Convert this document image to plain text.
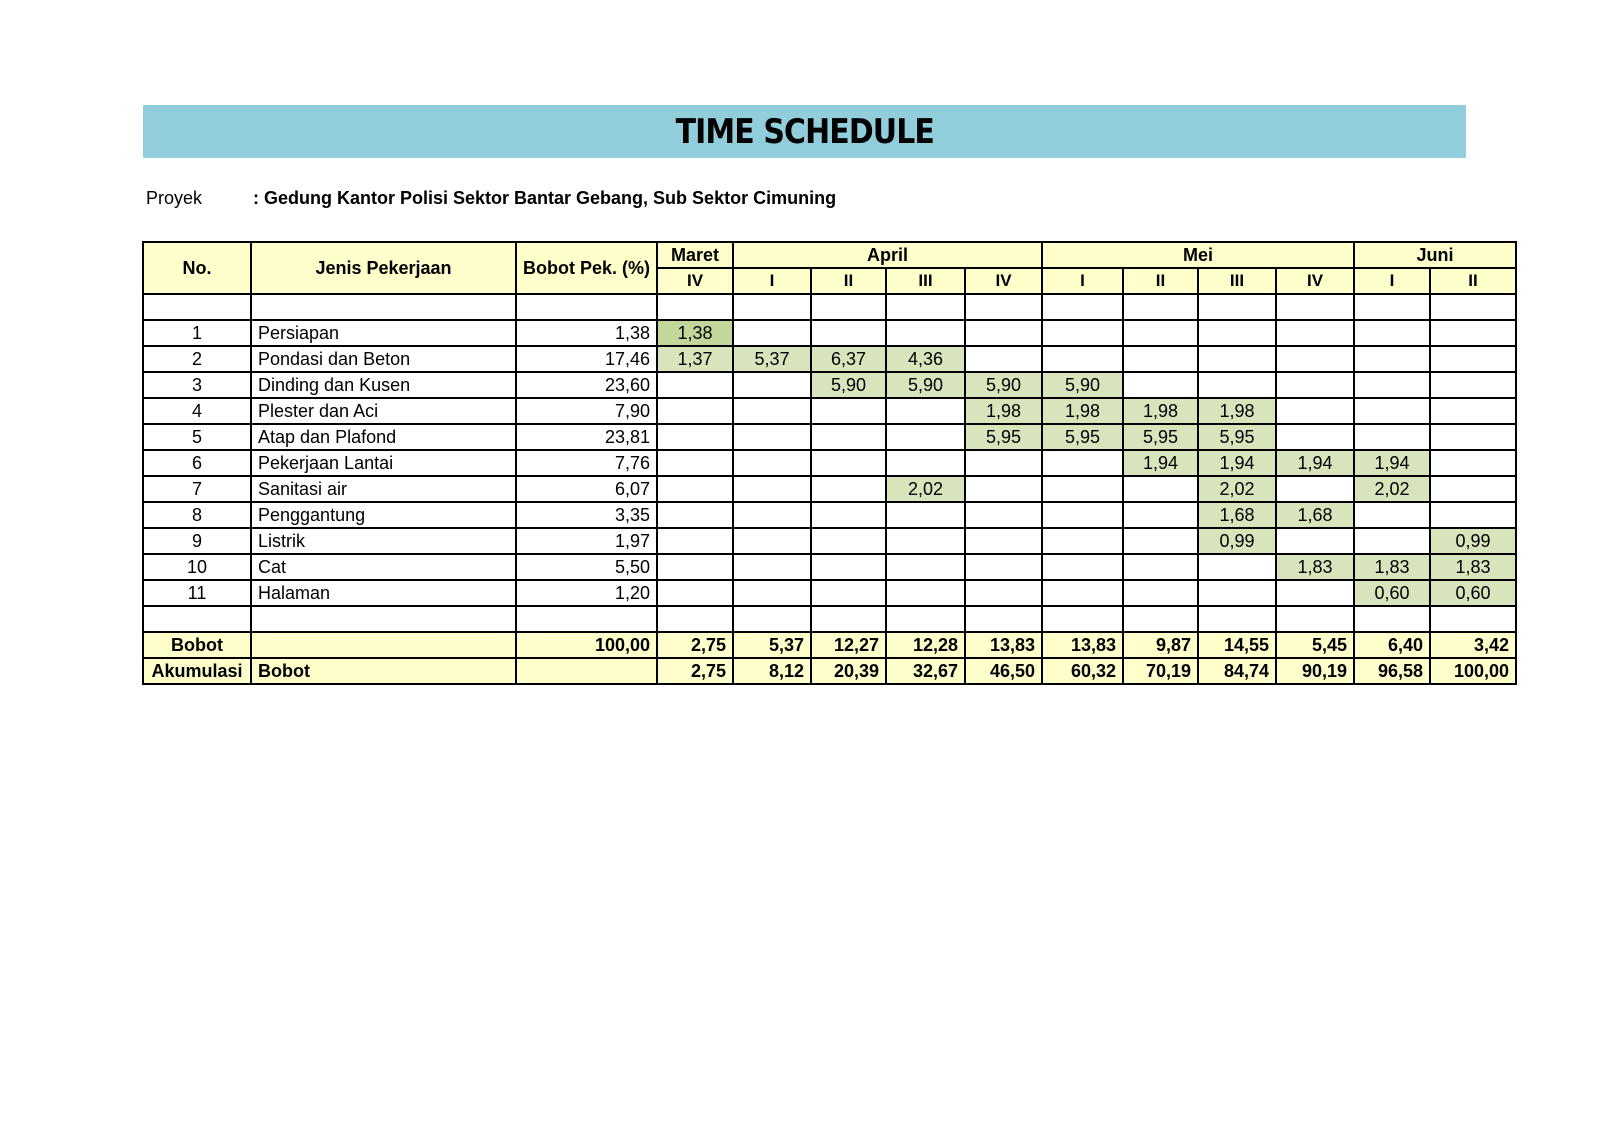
TIME SCHEDULE
Proyek	: Gedung Kantor Polisi Sektor Bantar Gebang, Sub Sektor Cimuning
No.	Jenis Pekerjaan	Bobot Pek. (%)	Maret	April				Mei				Juni	
			IV	I	II	III	IV	I	II	III	IV	I	II

1	Persiapan	1,38	1,38										
2	Pondasi dan Beton	17,46	1,37	5,37	6,37	4,36							
3	Dinding dan Kusen	23,60			5,90	5,90	5,90	5,90					
4	Plester dan Aci	7,90					1,98	1,98	1,98	1,98			
5	Atap dan Plafond	23,81					5,95	5,95	5,95	5,95			
6	Pekerjaan Lantai	7,76							1,94	1,94	1,94	1,94	
7	Sanitasi air	6,07				2,02				2,02		2,02	
8	Penggantung	3,35								1,68	1,68		
9	Listrik	1,97								0,99			0,99
10	Cat	5,50									1,83	1,83	1,83
11	Halaman	1,20										0,60	0,60

Bobot		100,00	2,75	5,37	12,27	12,28	13,83	13,83	9,87	14,55	5,45	6,40	3,42
Akumulasi	Bobot		2,75	8,12	20,39	32,67	46,50	60,32	70,19	84,74	90,19	96,58	100,00
